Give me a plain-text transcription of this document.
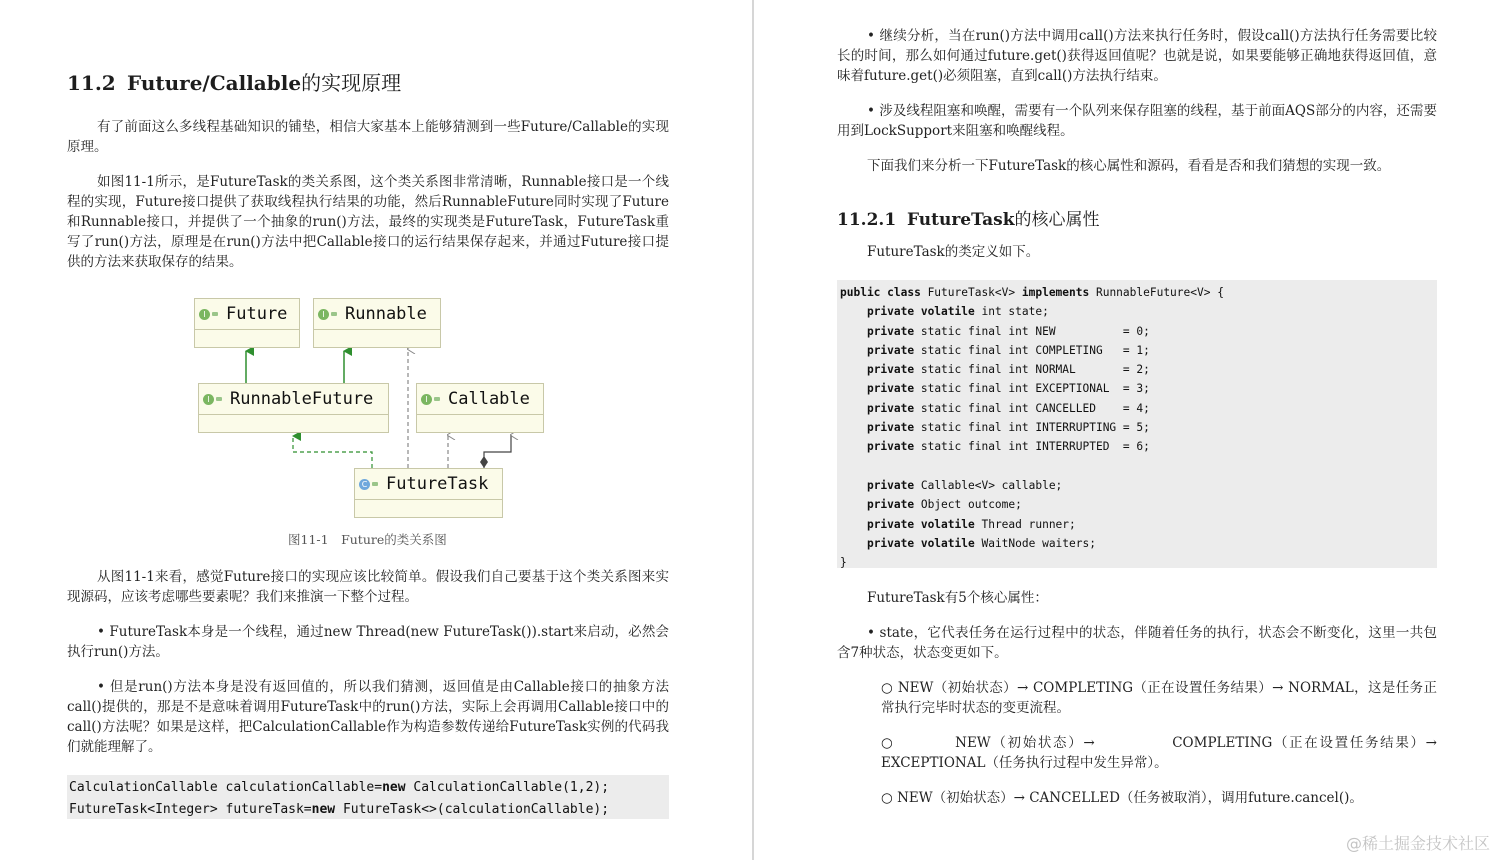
11.2 Future/Callable的实现原理

有了前面这么多线程基础知识的铺垫，相信大家基本上能够猜测到一些Future/Callable的实现原理。

如图11-1所示，是FutureTask的类关系图，这个类关系图非常清晰，Runnable接口是一个线程的实现，Future接口提供了获取线程执行结果的功能，然后RunnableFuture同时实现了Future和Runnable接口，并提供了一个抽象的run()方法，最终的实现类是FutureTask，FutureTask重写了run()方法，原理是在run()方法中把Callable接口的运行结果保存起来，并通过Future接口提供的方法来获取保存的结果。

I Future	I Runnable
I RunnableFuture	I Callable
C FutureTask
图11-1　Future的类关系图

从图11-1来看，感觉Future接口的实现应该比较简单。假设我们自己要基于这个类关系图来实现源码，应该考虑哪些要素呢？我们来推演一下整个过程。

• FutureTask本身是一个线程，通过new Thread(new FutureTask()).start来启动，必然会执行run()方法。

• 但是run()方法本身是没有返回值的，所以我们猜测，返回值是由Callable接口的抽象方法call()提供的，那是不是意味着调用FutureTask中的run()方法，实际上会再调用Callable接口中的call()方法呢？如果是这样，把CalculationCallable作为构造参数传递给FutureTask实例的代码我们就能理解了。

CalculationCallable calculationCallable=new CalculationCallable(1,2);
FutureTask<Integer> futureTask=new FutureTask<>(calculationCallable);

• 继续分析，当在run()方法中调用call()方法来执行任务时，假设call()方法执行任务需要比较长的时间，那么如何通过future.get()获得返回值呢？也就是说，如果要能够正确地获得返回值，意味着future.get()必须阻塞，直到call()方法执行结束。

• 涉及线程阻塞和唤醒，需要有一个队列来保存阻塞的线程，基于前面AQS部分的内容，还需要用到LockSupport来阻塞和唤醒线程。

下面我们来分析一下FutureTask的核心属性和源码，看看是否和我们猜想的实现一致。

11.2.1 FutureTask的核心属性

FutureTask的类定义如下。

public class FutureTask<V> implements RunnableFuture<V> {
private volatile int state;
private static final int NEW          = 0;
private static final int COMPLETING   = 1;
private static final int NORMAL       = 2;
private static final int EXCEPTIONAL  = 3;
private static final int CANCELLED    = 4;
private static final int INTERRUPTING = 5;
private static final int INTERRUPTED  = 6;
private Callable<V> callable;
private Object outcome;
private volatile Thread runner;
private volatile WaitNode waiters;
}

FutureTask有5个核心属性：

• state，它代表任务在运行过程中的状态，伴随着任务的执行，状态会不断变化，这里一共包含7种状态，状态变更如下。

○ NEW（初始状态）→ COMPLETING（正在设置任务结果）→ NORMAL，这是任务正常执行完毕时状态的变更流程。

○　　　　NEW（初始状态）→　　　　　COMPLETING（正在设置任务结果）→ EXCEPTIONAL（任务执行过程中发生异常）。

○ NEW（初始状态）→ CANCELLED（任务被取消），调用future.cancel()。

@稀土掘金技术社区
